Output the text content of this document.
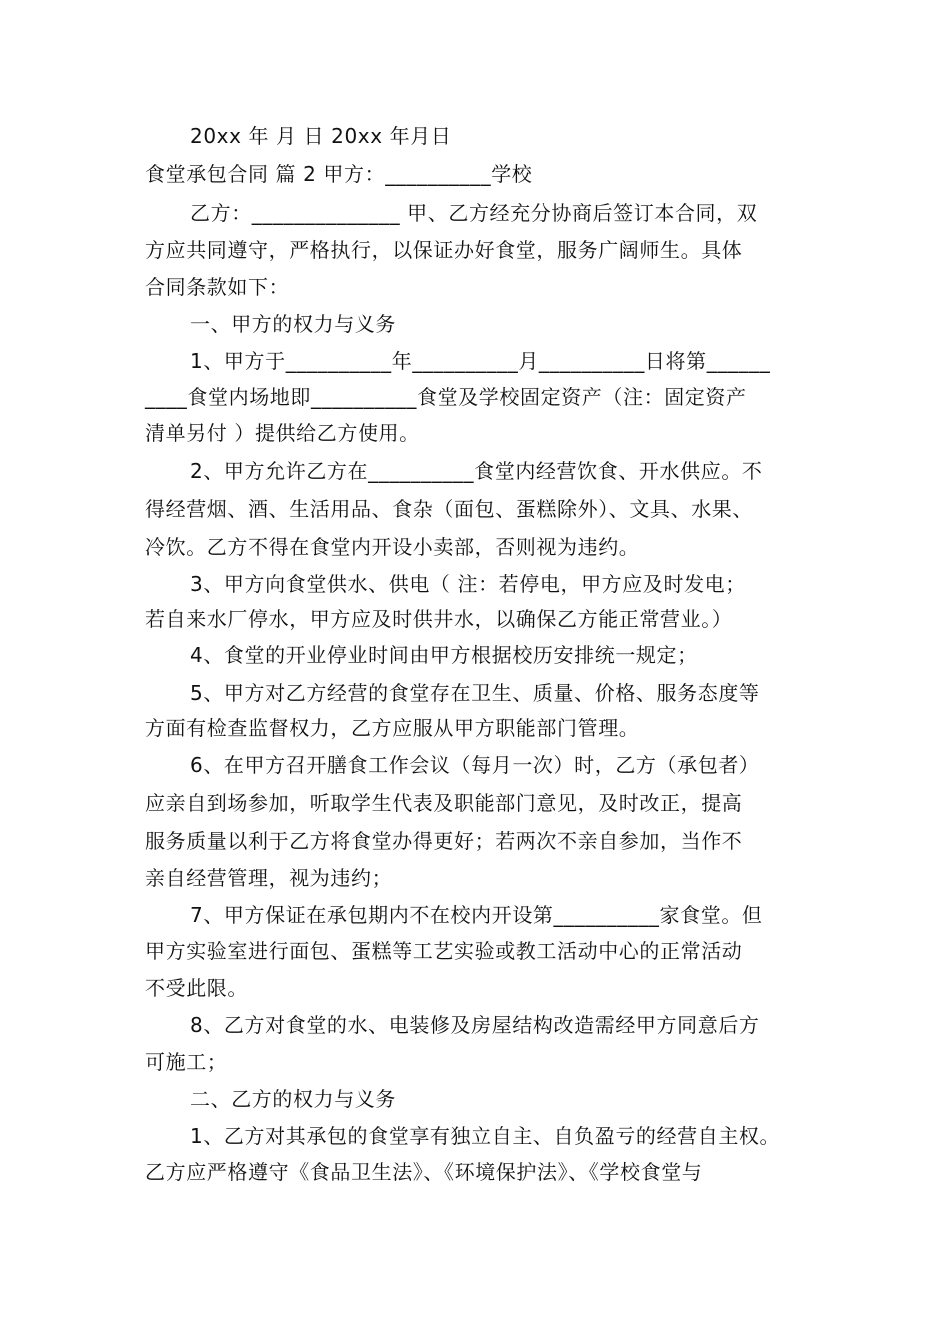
20xx 年 月 日 20xx 年月日
食堂承包合同 篇 2 甲方：__________学校
乙方：______________ 甲、乙方经充分协商后签订本合同，双
方应共同遵守，严格执行，以保证办好食堂，服务广阔师生。具体
合同条款如下：
一、甲方的权力与义务
1、甲方于__________年__________月__________日将第______
____食堂内场地即__________食堂及学校固定资产（注：固定资产
清单另付 ）提供给乙方使用。
2、甲方允许乙方在__________食堂内经营饮食、开水供应。不
得经营烟、酒、生活用品、食杂（面包、蛋糕除外）、文具、水果、
冷饮。乙方不得在食堂内开设小卖部，否则视为违约。
3、甲方向食堂供水、供电（ 注：若停电，甲方应及时发电；
若自来水厂停水，甲方应及时供井水，以确保乙方能正常营业。）
4、食堂的开业停业时间由甲方根据校历安排统一规定；
5、甲方对乙方经营的食堂存在卫生、质量、价格、服务态度等
方面有检查监督权力，乙方应服从甲方职能部门管理。
6、在甲方召开膳食工作会议（每月一次）时，乙方（承包者）
应亲自到场参加，听取学生代表及职能部门意见，及时改正，提高
服务质量以利于乙方将食堂办得更好；若两次不亲自参加，当作不
亲自经营管理，视为违约；
7、甲方保证在承包期内不在校内开设第__________家食堂。但
甲方实验室进行面包、蛋糕等工艺实验或教工活动中心的正常活动
不受此限。
8、乙方对食堂的水、电装修及房屋结构改造需经甲方同意后方
可施工；
二、乙方的权力与义务
1、乙方对其承包的食堂享有独立自主、自负盈亏的经营自主权。
乙方应严格遵守《食品卫生法》、《环境保护法》、《学校食堂与
